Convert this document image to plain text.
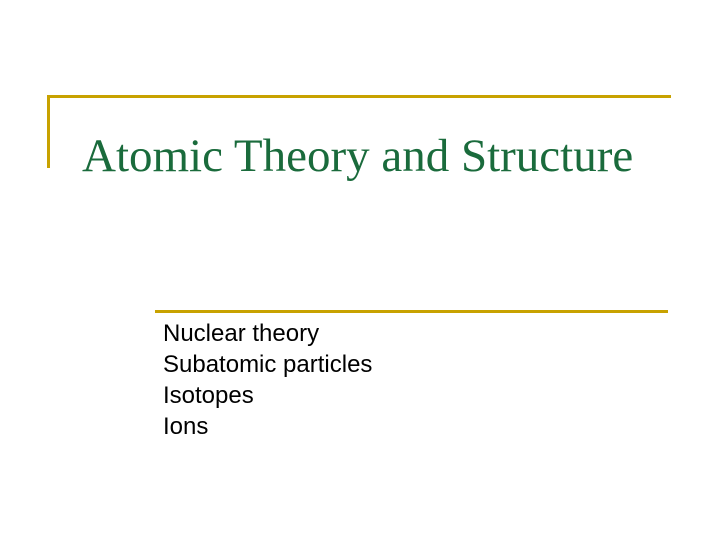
Atomic Theory and Structure
Nuclear theory
Subatomic particles
Isotopes
Ions
